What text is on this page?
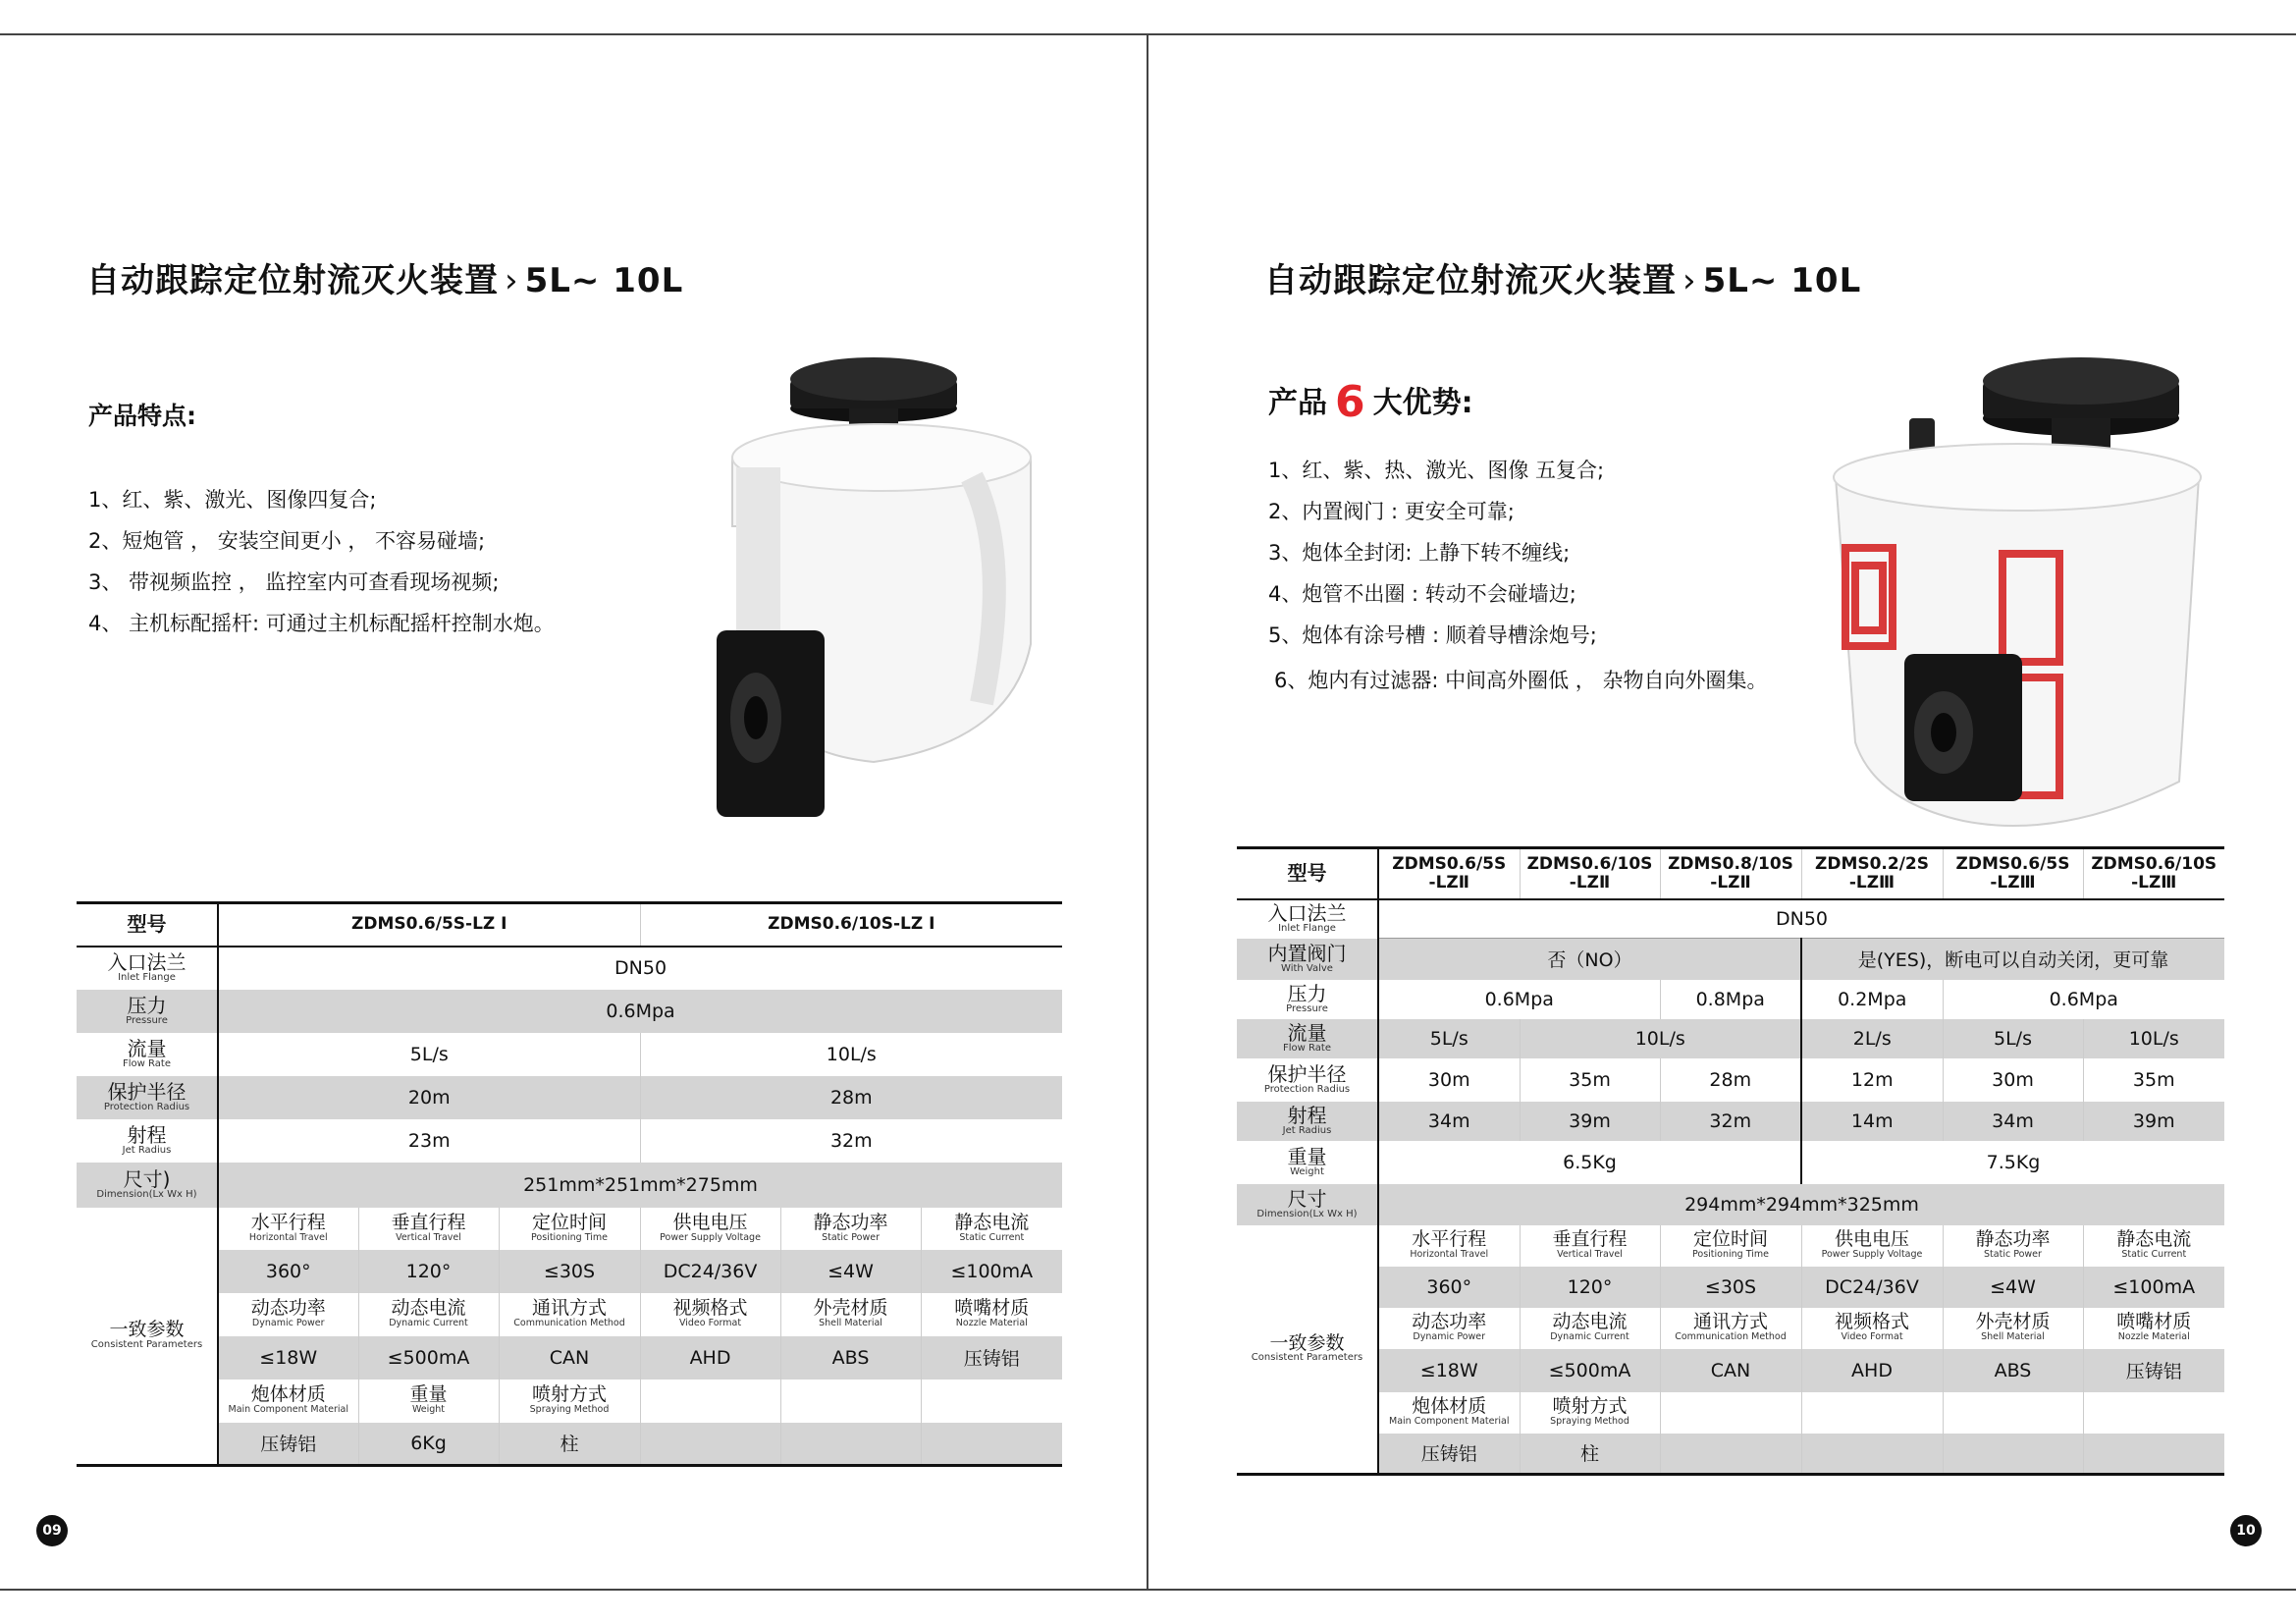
自动跟踪定位射流灭火装置 › 5L~ 10L
产品特点:
1、红、紫、激光、图像四复合;
2、短炮管 ， 安装空间更小 ， 不容易碰墙;
3、 带视频监控 ， 监控室内可查看现场视频;
4、 主机标配摇杆: 可通过主机标配摇杆控制水炮。
型号	ZDMS0.6/5S-LZ I			ZDMS0.6/10S-LZ I		

入口法兰
Inlet Flange	DN50					

压力
Pressure	0.6Mpa					

流量
Flow Rate	5L/s			10L/s		

保护半径
Protection Radius	20m			28m		

射程
Jet Radius	23m			32m		

尺寸)
Dimension(Lx Wx H)	251mm*251mm*275mm					

一致参数
Consistent Parameters	水平行程
Horizontal Travel	垂直行程
Vertical Travel	定位时间
Positioning Time	供电电压
Power Supply Voltage	静态功率
Static Power	静态电流
Static Current

	360°	120°	≤30S	DC24/36V	≤4W	≤100mA

	动态功率
Dynamic Power	动态电流
Dynamic Current	通讯方式
Communication Method	视频格式
Video Format	外壳材质
Shell Material	喷嘴材质
Nozzle Material

	≤18W	≤500mA	CAN	AHD	ABS	压铸铝

	炮体材质
Main Component Material	重量
Weight	喷射方式
Spraying Method			

	压铸铝	6Kg	柱			
09
自动跟踪定位射流灭火装置 › 5L~ 10L
产品 6 大优势:
1、红、紫、热、激光、图像 五复合;
2、内置阀门 : 更安全可靠;
3、炮体全封闭: 上静下转不缠线;
4、炮管不出圈 : 转动不会碰墙边;
5、炮体有涂号槽 : 顺着导槽涂炮号;
6、炮内有过滤器: 中间高外圈低 ， 杂物自向外圈集。
型号	ZDMS0.6/5S
-LZⅡ	ZDMS0.6/10S
-LZⅡ	ZDMS0.8/10S
-LZⅡ	ZDMS0.2/2S
-LZⅢ	ZDMS0.6/5S
-LZⅢ	ZDMS0.6/10S
-LZⅢ

入口法兰
Inlet Flange	DN50					

内置阀门
With Valve	否（NO）			是(YES)，断电可以自动关闭，更可靠		

压力
Pressure	0.6Mpa		0.8Mpa	0.2Mpa	0.6Mpa	

流量
Flow Rate	5L/s	10L/s		2L/s	5L/s	10L/s

保护半径
Protection Radius	30m	35m	28m	12m	30m	35m

射程
Jet Radius	34m	39m	32m	14m	34m	39m

重量
Weight	6.5Kg			7.5Kg		

尺寸
Dimension(Lx Wx H)	294mm*294mm*325mm					

一致参数
Consistent Parameters	水平行程
Horizontal Travel	垂直行程
Vertical Travel	定位时间
Positioning Time	供电电压
Power Supply Voltage	静态功率
Static Power	静态电流
Static Current

	360°	120°	≤30S	DC24/36V	≤4W	≤100mA

	动态功率
Dynamic Power	动态电流
Dynamic Current	通讯方式
Communication Method	视频格式
Video Format	外壳材质
Shell Material	喷嘴材质
Nozzle Material

	≤18W	≤500mA	CAN	AHD	ABS	压铸铝

	炮体材质
Main Component Material	喷射方式
Spraying Method				

	压铸铝	柱				
10
